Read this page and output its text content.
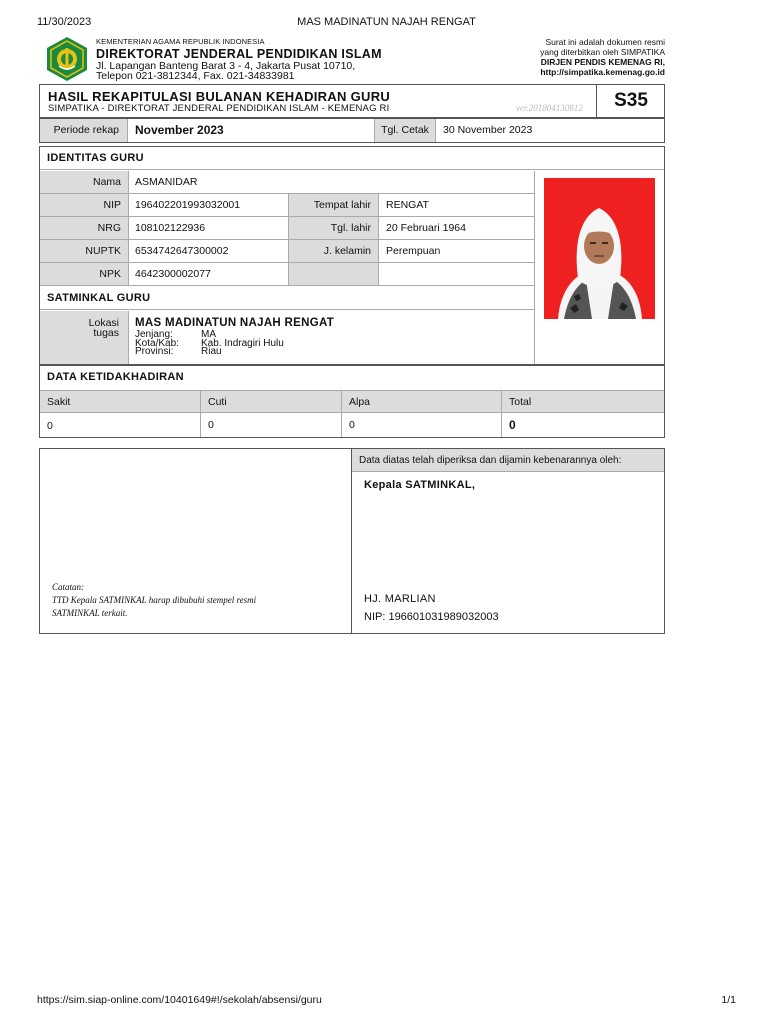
11/30/2023	MAS MADINATUN NAJAH RENGAT
KEMENTERIAN AGAMA REPUBLIK INDONESIA
DIREKTORAT JENDERAL PENDIDIKAN ISLAM
Jl. Lapangan Banteng Barat 3 - 4, Jakarta Pusat 10710,
Telepon 021-3812344, Fax. 021-34833981
Surat ini adalah dokumen resmi
yang diterbitkan oleh SIMPATIKA
DIRJEN PENDIS KEMENAG RI,
http://simpatika.kemenag.go.id
HASIL REKAPITULASI BULANAN KEHADIRAN GURU
SIMPATIKA - DIREKTORAT JENDERAL PENDIDIKAN ISLAM - KEMENAG RI	ver.201804130812	S35
Periode rekap	November 2023	Tgl. Cetak	30 November 2023
IDENTITAS GURU
Nama	ASMANIDAR
NIP	196402201993032001	Tempat lahir	RENGAT
NRG	108102122936	Tgl. lahir	20 Februari 1964
NUPTK	6534742647300002	J. kelamin	Perempuan
NPK	4642300002077
SATMINKAL GURU
Lokasi
tugas
MAS MADINATUN NAJAH RENGAT
Jenjang:	MA
Kota/Kab: Kab. Indragiri Hulu
Provinsi:	Riau
DATA KETIDAKHADIRAN
Sakit	Cuti	Alpa	Total
0	0	0	0
Catatan:
TTD Kepala SATMINKAL harap dibubuhi stempel resmi SATMINKAL terkait.
Data diatas telah diperiksa dan dijamin kebenarannya oleh:
Kepala SATMINKAL,
HJ. MARLIAN
NIP: 196601031989032003
https://sim.siap-online.com/10401649#!/sekolah/absensi/guru	1/1
